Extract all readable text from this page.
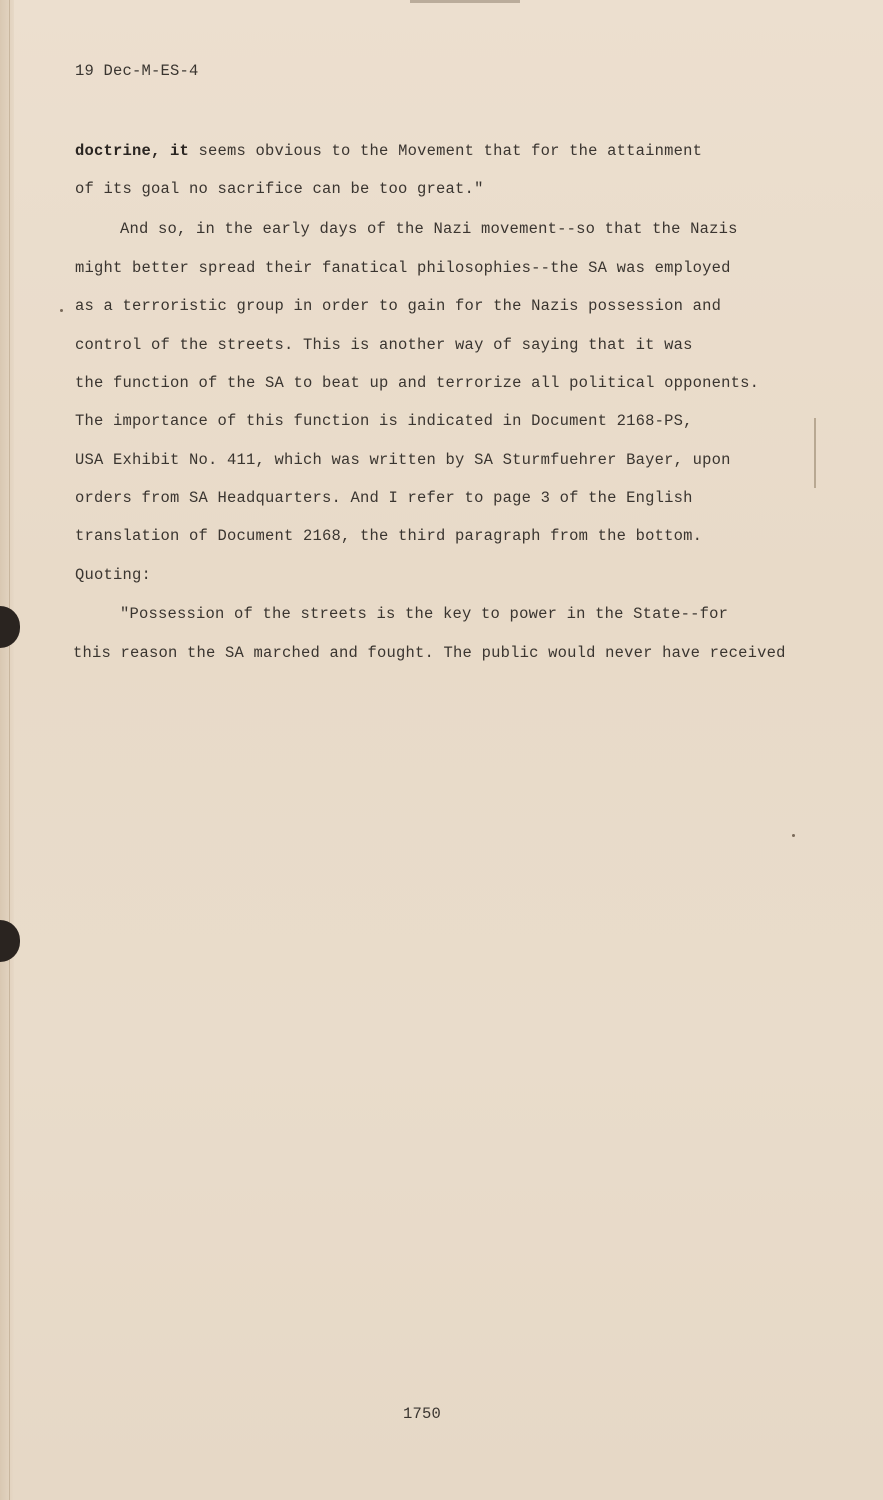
19 Dec-M-ES-4
doctrine, it seems obvious to the Movement that for the attainment
of its goal no sacrifice can be too great."
And so, in the early days of the Nazi movement--so that the Nazis
might better spread their fanatical philosophies--the SA was employed
as a terroristic group in order to gain for the Nazis possession and
control of the streets. This is another way of saying that it was
the function of the SA to beat up and terrorize all political opponents.
The importance of this function is indicated in Document 2168-PS,
USA Exhibit No. 411, which was written by SA Sturmfuehrer Bayer, upon
orders from SA Headquarters. And I refer to page 3 of the English
translation of Document 2168, the third paragraph from the bottom.
Quoting:
"Possession of the streets is the key to power in the State--for
this reason the SA marched and fought. The public would never have received
1750
